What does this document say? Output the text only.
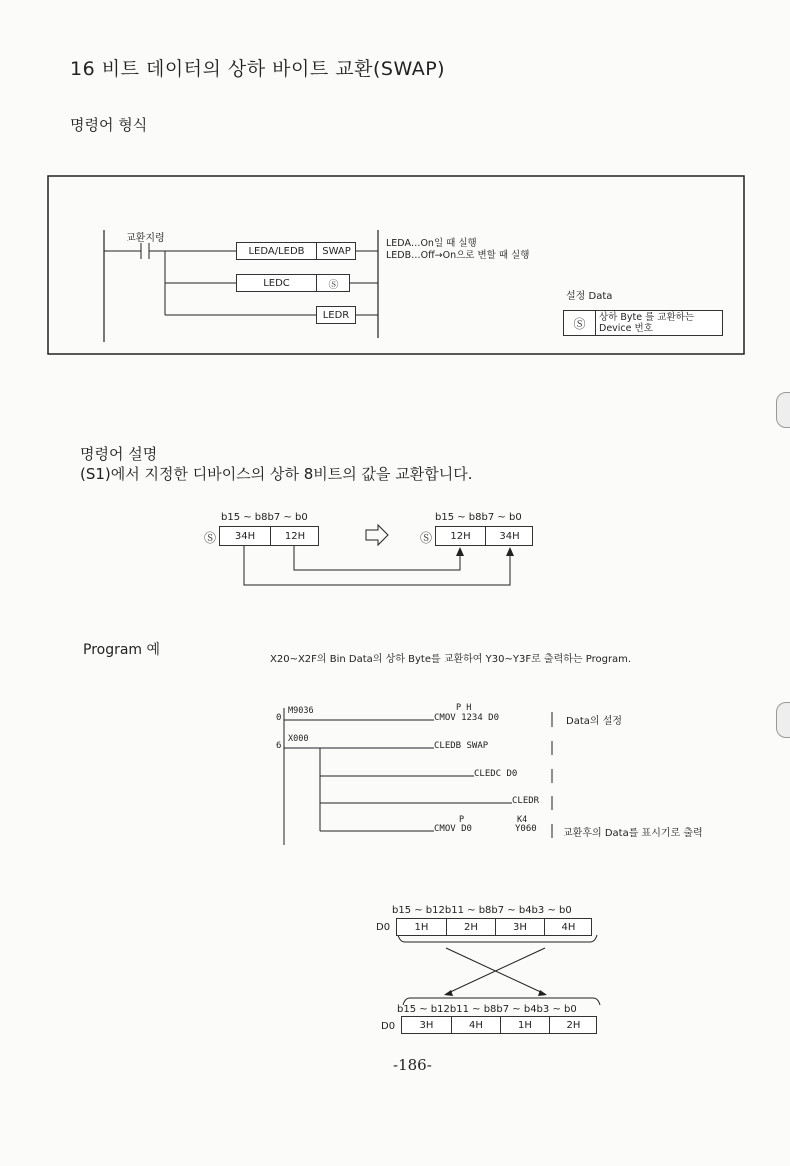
16 비트 데이터의 상하 바이트 교환(SWAP)
명령어 형식
교환지령
LEDA/LEDB	SWAP
LEDC	Ⓢ
LEDR
LEDA…On일 때 실행
LEDB…Off→On으로 변할 때 실행
설정 Data
Ⓢ	상하 Byte 를 교환하는
Device 번호
명령어 설명
(S1)에서 지정한 디바이스의 상하 8비트의 값을 교환합니다.
b15 ~ b8b7 ~ b0
Ⓢ	34H	12H
b15 ~ b8b7 ~ b0
Ⓢ	12H	34H
Program 예
X20~X2F의 Bin Data의 상하 Byte를 교환하여 Y30~Y3F로 출력하는 Program.
0
6
M9036
X000
P H
CMOV 1234 D0	Data의 설정
CLEDB SWAP
CLEDC D0
CLEDR
P	K4
CMOV D0	Y060	교환후의 Data를 표시기로 출력
b15 ~ b12b11 ~ b8b7 ~ b4b3 ~ b0
D0	1H	2H	3H	4H
b15 ~ b12b11 ~ b8b7 ~ b4b3 ~ b0
D0	3H	4H	1H	2H
-186-
